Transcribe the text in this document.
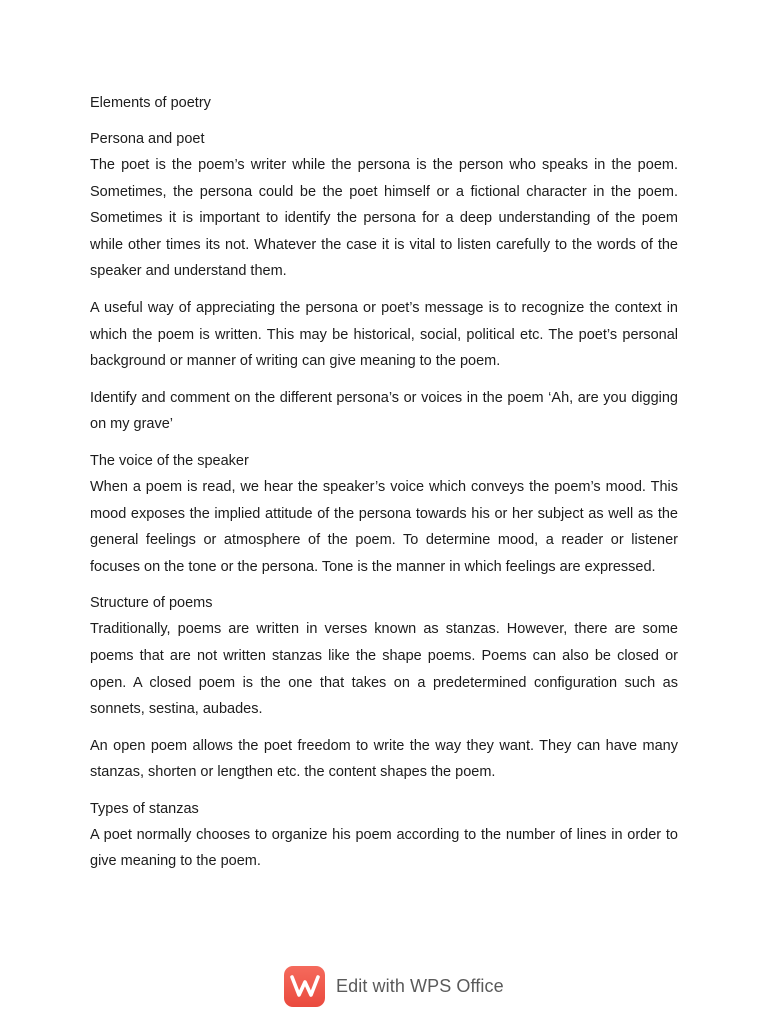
Elements of poetry

Persona and poet

The poet is the poem’s writer while the persona is the person who speaks in the poem. Sometimes, the persona could be the poet himself or a fictional character in the poem. Sometimes it is important to identify the persona for a deep understanding of the poem while other times its not. Whatever the case it is vital to listen carefully to the words of the speaker and understand them.

A useful way of appreciating the persona or poet’s message is to recognize the context in which the poem is written. This may be historical, social, political etc. The poet’s personal background or manner of writing can give meaning to the poem.

Identify and comment on the different persona’s or voices in the poem ‘Ah, are you digging on my grave’

The voice of the speaker

When a poem is read, we hear the speaker’s voice which conveys the poem’s mood. This mood exposes the implied attitude of the persona towards his or her subject as well as the general feelings or atmosphere of the poem. To determine mood, a reader or listener focuses on the tone or the persona. Tone is the manner in which feelings are expressed.

Structure of poems

Traditionally, poems are written in verses known as stanzas. However, there are some poems that are not written stanzas like the shape poems. Poems can also be closed or open. A closed poem is the one that takes on a predetermined configuration such as sonnets, sestina, aubades.

An open poem allows the poet freedom to write the way they want. They can have many stanzas, shorten or lengthen etc. the content shapes the poem.

Types of stanzas

A poet normally chooses to organize his poem according to the number of lines in order to give meaning to the poem.

Edit with WPS Office
